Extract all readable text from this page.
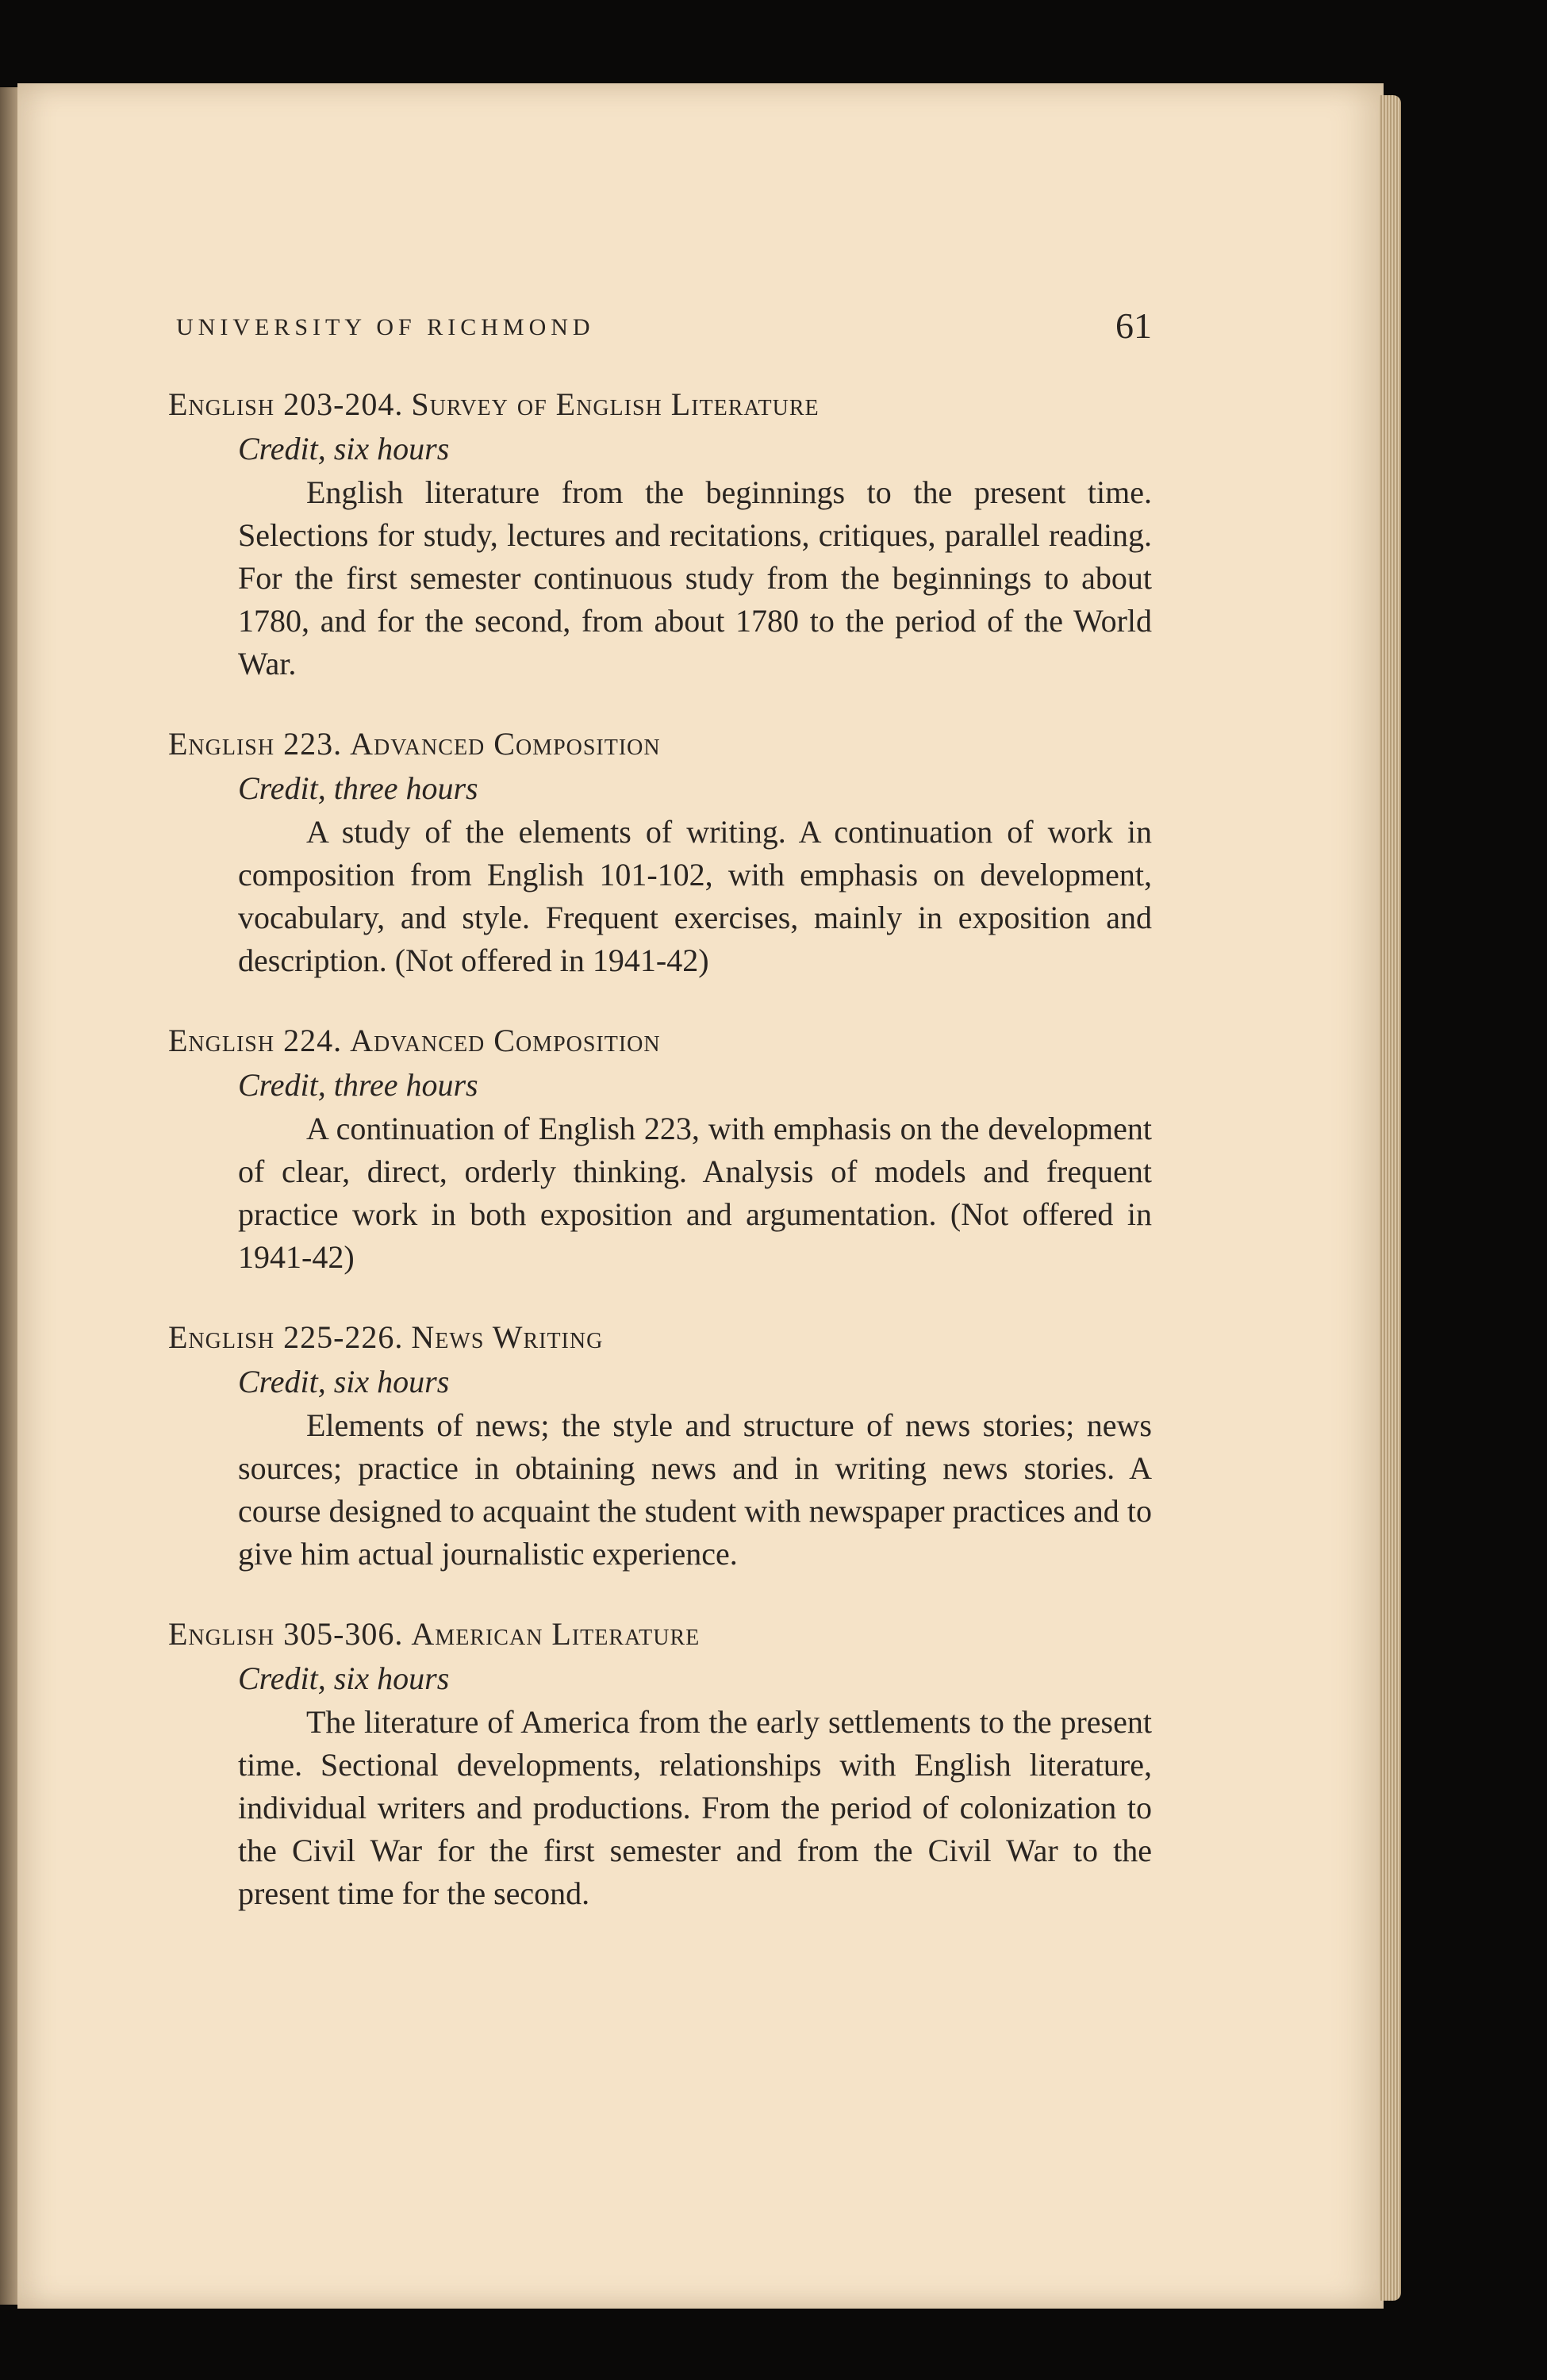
UNIVERSITY OF RICHMOND	61
English 203-204. Survey of English Literature
Credit, six hours
English literature from the beginnings to the present time. Selections for study, lectures and recitations, critiques, parallel reading. For the first semester continuous study from the beginnings to about 1780, and for the second, from about 1780 to the period of the World War.
English 223. Advanced Composition
Credit, three hours
A study of the elements of writing. A continuation of work in composition from English 101-102, with emphasis on development, vocabulary, and style. Frequent exercises, mainly in exposition and description. (Not offered in 1941-42)
English 224. Advanced Composition
Credit, three hours
A continuation of English 223, with emphasis on the development of clear, direct, orderly thinking. Analysis of models and frequent practice work in both exposition and argumentation. (Not offered in 1941-42)
English 225-226. News Writing
Credit, six hours
Elements of news; the style and structure of news stories; news sources; practice in obtaining news and in writing news stories. A course designed to acquaint the student with newspaper practices and to give him actual journalistic experience.
English 305-306. American Literature
Credit, six hours
The literature of America from the early settlements to the present time. Sectional developments, relationships with English literature, individual writers and productions. From the period of colonization to the Civil War for the first semester and from the Civil War to the present time for the second.
